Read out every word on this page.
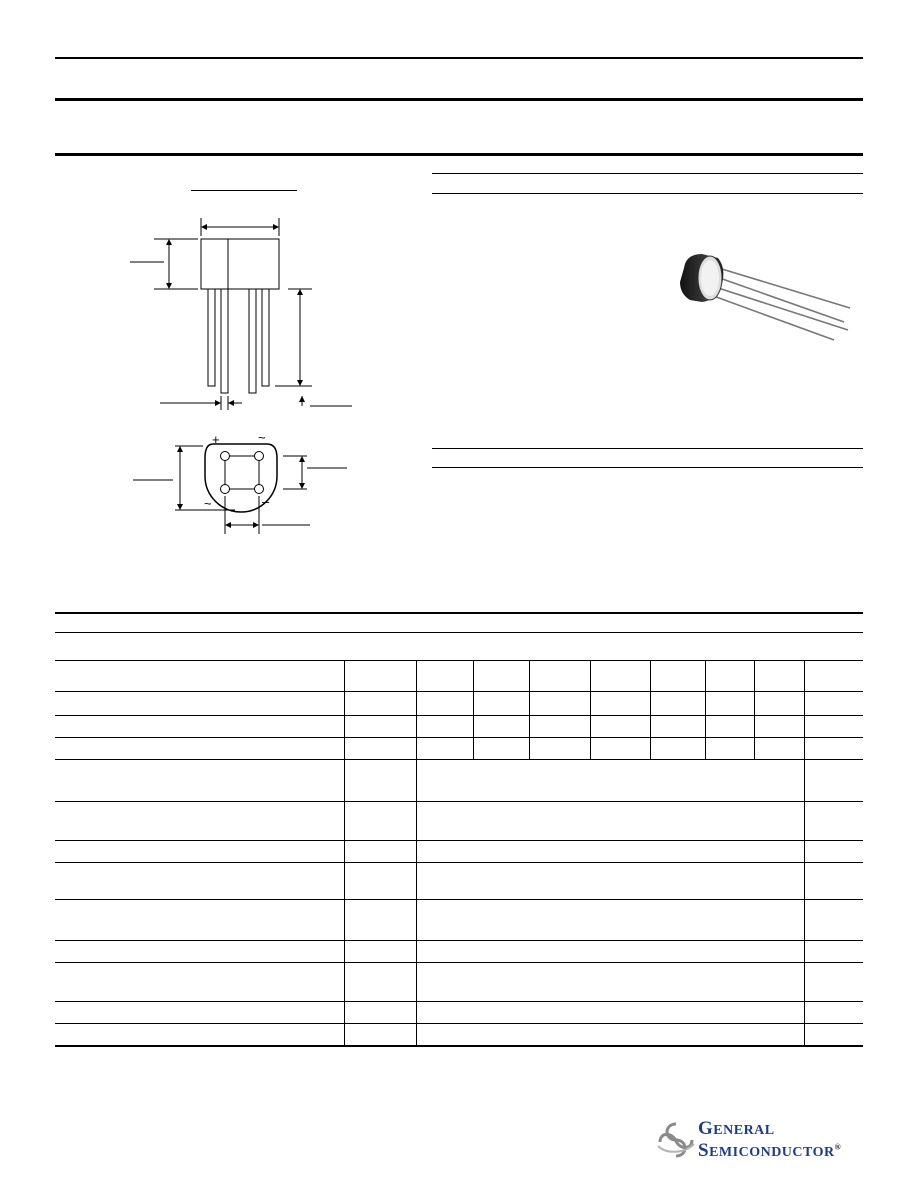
+	~
~	–
GENERAL
SEMICONDUCTOR®
